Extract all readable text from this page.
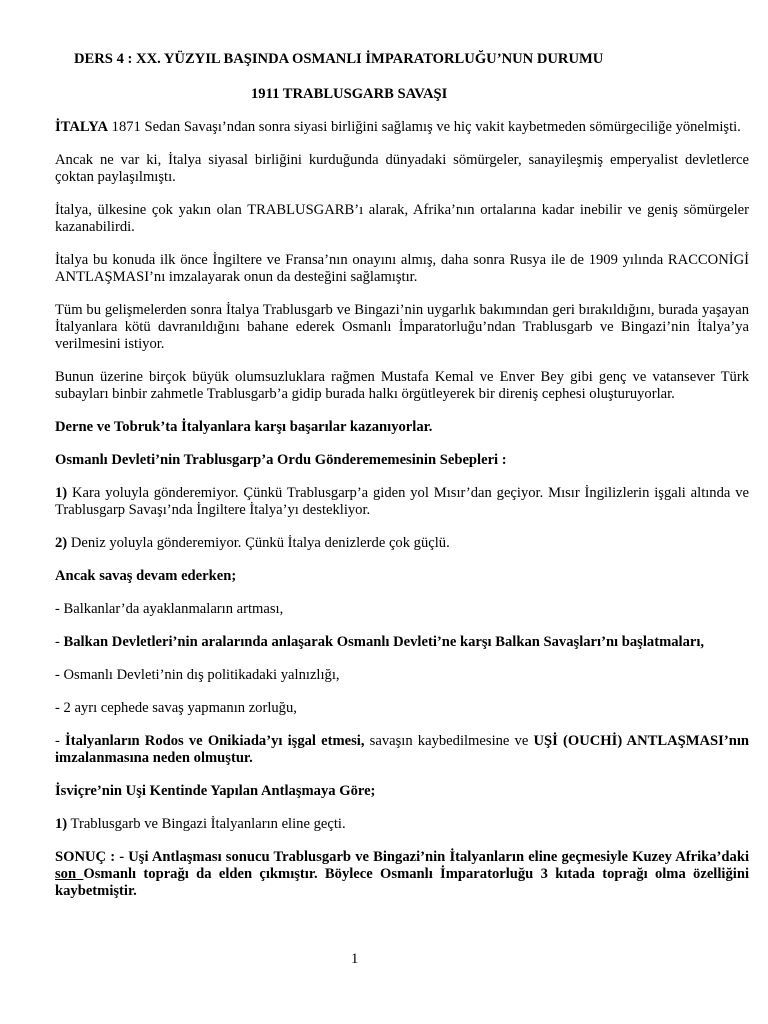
DERS 4 : XX. YÜZYIL BAŞINDA OSMANLI İMPARATORLUĞU’NUN DURUMU
1911 TRABLUSGARB SAVAŞI

İTALYA 1871 Sedan Savaşı’ndan sonra siyasi birliğini sağlamış ve hiç vakit kaybetmeden sömürgeciliğe yönelmişti.

Ancak ne var ki, İtalya siyasal birliğini kurduğunda dünyadaki sömürgeler, sanayileşmiş emperyalist devletlerce çoktan paylaşılmıştı.

İtalya, ülkesine çok yakın olan TRABLUSGARB’ı alarak, Afrika’nın ortalarına kadar inebilir ve geniş sömürgeler kazanabilirdi.

İtalya bu konuda ilk önce İngiltere ve Fransa’nın onayını almış, daha sonra Rusya ile de 1909 yılında RACCONİGİ ANTLAŞMASI’nı imzalayarak onun da desteğini sağlamıştır.

Tüm bu gelişmelerden sonra İtalya Trablusgarb ve Bingazi’nin uygarlık bakımından geri bırakıldığını, burada yaşayan İtalyanlara kötü davranıldığını bahane ederek Osmanlı İmparatorluğu’ndan Trablusgarb ve Bingazi’nin İtalya’ya verilmesini istiyor.

Bunun üzerine birçok büyük olumsuzluklara rağmen Mustafa Kemal ve Enver Bey gibi genç ve vatansever Türk subayları binbir zahmetle Trablusgarb’a gidip burada halkı örgütleyerek bir direniş cephesi oluşturuyorlar.

Derne ve Tobruk’ta İtalyanlara karşı başarılar kazanıyorlar.

Osmanlı Devleti’nin Trablusgarp’a Ordu Gönderememesinin Sebepleri :

1) Kara yoluyla gönderemiyor. Çünkü Trablusgarp’a giden yol Mısır’dan geçiyor. Mısır İngilizlerin işgali altında ve Trablusgarp Savaşı’nda İngiltere İtalya’yı destekliyor.

2) Deniz yoluyla gönderemiyor. Çünkü İtalya denizlerde çok güçlü.

Ancak savaş devam ederken;

- Balkanlar’da ayaklanmaların artması,

- Balkan Devletleri’nin aralarında anlaşarak Osmanlı Devleti’ne karşı Balkan Savaşları’nı başlatmaları,

- Osmanlı Devleti’nin dış politikadaki yalnızlığı,

- 2 ayrı cephede savaş yapmanın zorluğu,

- İtalyanların Rodos ve Onikiada’yı işgal etmesi, savaşın kaybedilmesine ve UŞİ (OUCHİ) ANTLAŞMASI’nın imzalanmasına neden olmuştur.

İsviçre’nin Uşi Kentinde Yapılan Antlaşmaya Göre;

1) Trablusgarb ve Bingazi İtalyanların eline geçti.

SONUÇ : - Uşi Antlaşması sonucu Trablusgarb ve Bingazi’nin İtalyanların eline geçmesiyle Kuzey Afrika’daki son Osmanlı toprağı da elden çıkmıştır. Böylece Osmanlı İmparatorluğu 3 kıtada toprağı olma özelliğini kaybetmiştir.

1
